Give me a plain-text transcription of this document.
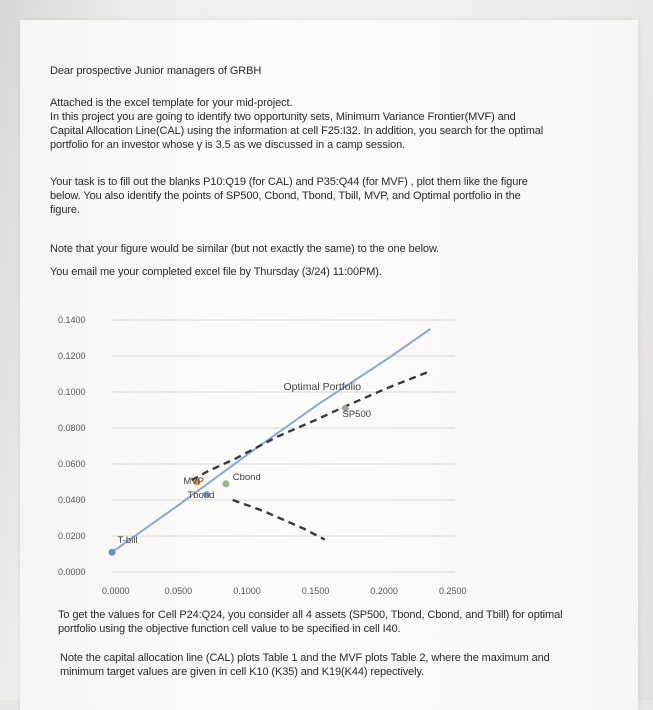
Dear prospective Junior managers of GRBH

Attached is the excel template for your mid-project.
In this project you are going to identify two opportunity sets, Minimum Variance Frontier(MVF) and
Capital Allocation Line(CAL) using the information at cell F25:I32. In addition, you search for the optimal
portfolio for an investor whose γ is 3.5 as we discussed in a camp session.

Your task is to fill out the blanks P10:Q19 (for CAL) and P35:Q44 (for MVF) , plot them like the figure
below. You also identify the points of SP500, Cbond, Tbond, Tbill, MVP, and Optimal portfolio in the
figure.

Note that your figure would be similar (but not exactly the same) to the one below.

You email me your completed excel file by Thursday (3/24) 11:00PM).

0.0000
0.0200
0.0400
0.0600
0.0800
0.1000
0.1200
0.1400
0.0000	0.0500	0.1000	0.1500	0.2000	0.2500
Optimal Portfolio
SP500
Cbond
Tbond
MVP
T-bill

To get the values for Cell P24:Q24, you consider all 4 assets (SP500, Tbond, Cbond, and Tbill) for optimal
portfolio using the objective function cell value to be specified in cell I40.

Note the capital allocation line (CAL) plots Table 1 and the MVF plots Table 2, where the maximum and
minimum target values are given in cell K10 (K35) and K19(K44) repectively.
